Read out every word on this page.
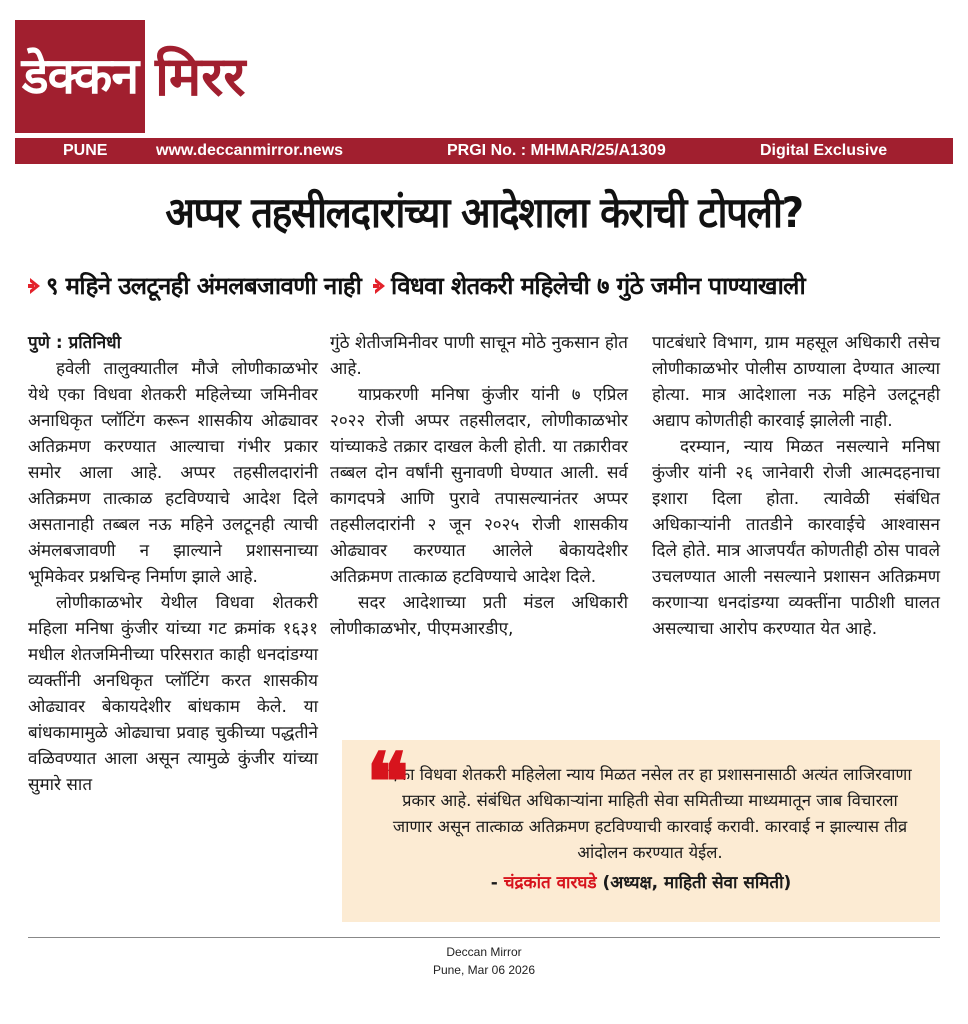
डेक्कन मिरर
PUNE	www.deccanmirror.news	PRGI No. : MHMAR/25/A1309	Digital Exclusive
अप्पर तहसीलदारांच्या आदेशाला केराची टोपली?
९ महिने उलटूनही अंमलबजावणी नाही विधवा शेतकरी महिलेची ७ गुंठे जमीन पाण्याखाली

पुणे : प्रतिनिधी

हवेली तालुक्यातील मौजे लोणीकाळभोर येथे एका विधवा शेतकरी महिलेच्या जमिनीवर अनाधिकृत प्लॉटिंग करून शासकीय ओढ्यावर अतिक्रमण करण्यात आल्याचा गंभीर प्रकार समोर आला आहे. अप्पर तहसीलदारांनी अतिक्रमण तात्काळ हटविण्याचे आदेश दिले असतानाही तब्बल नऊ महिने उलटूनही त्याची अंमलबजावणी न झाल्याने प्रशासनाच्या भूमिकेवर प्रश्नचिन्ह निर्माण झाले आहे.

लोणीकाळभोर येथील विधवा शेतकरी महिला मनिषा कुंजीर यांच्या गट क्रमांक १६३१ मधील शेतजमिनीच्या परिसरात काही धनदांडग्या व्यक्तींनी अनधिकृत प्लॉटिंग करत शासकीय ओढ्यावर बेकायदेशीर बांधकाम केले. या बांधकामामुळे ओढ्याचा प्रवाह चुकीच्या पद्धतीने वळिवण्यात आला असून त्यामुळे कुंजीर यांच्या सुमारे सात

गुंठे शेतीजमिनीवर पाणी साचून मोठे नुकसान होत आहे.

याप्रकरणी मनिषा कुंजीर यांनी ७ एप्रिल २०२२ रोजी अप्पर तहसीलदार, लोणीकाळभोर यांच्याकडे तक्रार दाखल केली होती. या तक्रारीवर तब्बल दोन वर्षांनी सुनावणी घेण्यात आली. सर्व कागदपत्रे आणि पुरावे तपासल्यानंतर अप्पर तहसीलदारांनी २ जून २०२५ रोजी शासकीय ओढ्यावर करण्यात आलेले बेकायदेशीर अतिक्रमण तात्काळ हटविण्याचे आदेश दिले.

सदर आदेशाच्या प्रती मंडल अधिकारी लोणीकाळभोर, पीएमआरडीए,

पाटबंधारे विभाग, ग्राम महसूल अधिकारी तसेच लोणीकाळभोर पोलीस ठाण्याला देण्यात आल्या होत्या. मात्र आदेशाला नऊ महिने उलटूनही अद्याप कोणतीही कारवाई झालेली नाही.

दरम्यान, न्याय मिळत नसल्याने मनिषा कुंजीर यांनी २६ जानेवारी रोजी आत्मदहनाचा इशारा दिला होता. त्यावेळी संबंधित अधिकाऱ्यांनी तातडीने कारवाईचे आश्वासन दिले होते. मात्र आजपर्यंत कोणतीही ठोस पावले उचलण्यात आली नसल्याने प्रशासन अतिक्रमण करणाऱ्या धनदांडग्या व्यक्तींना पाठीशी घालत असल्याचा आरोप करण्यात येत आहे.

❝
एका विधवा शेतकरी महिलेला न्याय मिळत नसेल तर हा प्रशासनासाठी अत्यंत लाजिरवाणा प्रकार आहे. संबंधित अधिकाऱ्यांना माहिती सेवा समितीच्या माध्यमातून जाब विचारला जाणार असून तात्काळ अतिक्रमण हटविण्याची कारवाई करावी. कारवाई न झाल्यास तीव्र आंदोलन करण्यात येईल.
- चंद्रकांत वारघडे (अध्यक्ष, माहिती सेवा समिती)
Deccan Mirror
Pune, Mar 06 2026
